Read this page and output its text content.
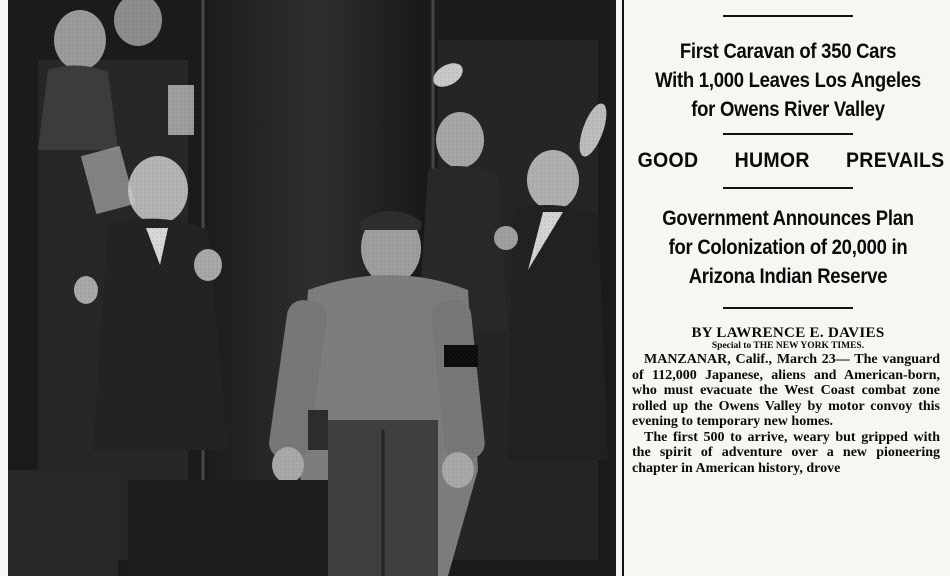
First Caravan of 350 Cars
With 1,000 Leaves Los Angeles
for Owens River Valley
GOOD HUMOR PREVAILS
Government Announces Plan
for Colonization of 20,000 in
Arizona Indian Reserve
BY LAWRENCE E. DAVIES
Special to THE NEW YORK TIMES.

MANZANAR, Calif., March 23— The vanguard of 112,000 Japanese, aliens and American-born, who must evacuate the West Coast combat zone rolled up the Owens Valley by motor convoy this evening to temporary new homes.

The first 500 to arrive, weary but gripped with the spirit of adventure over a new pioneering chapter in American history, drove
